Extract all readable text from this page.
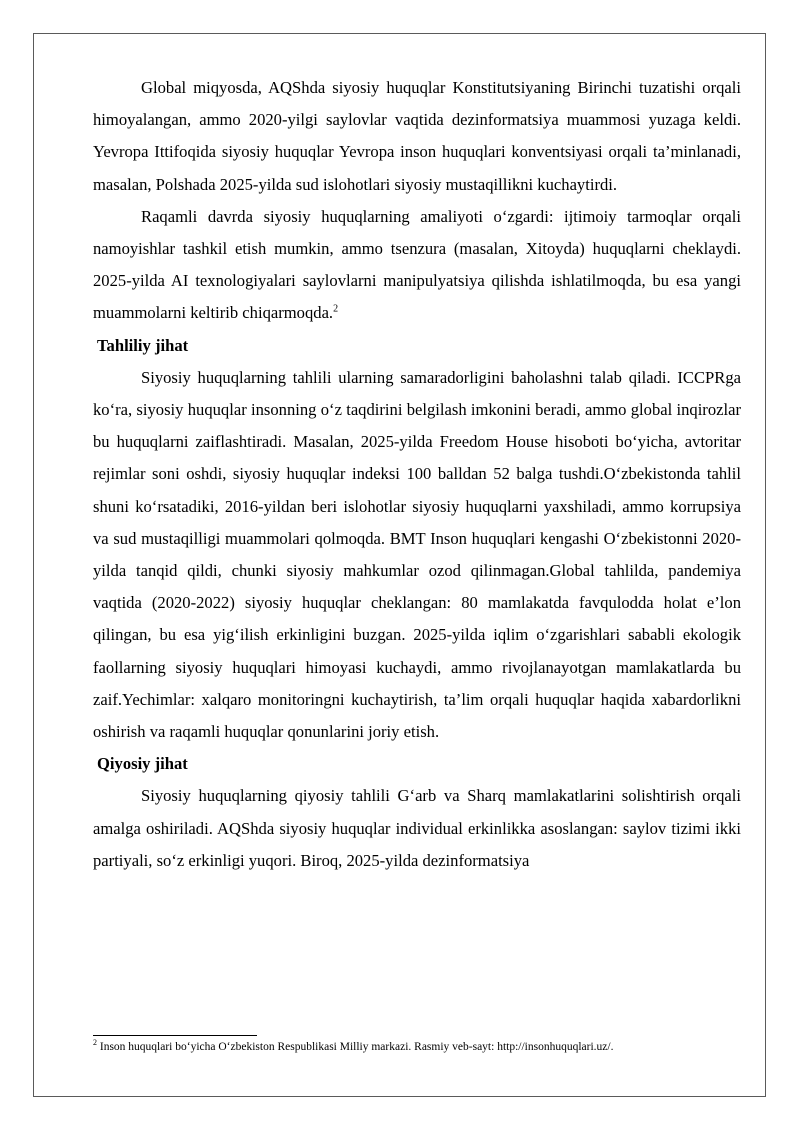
Global miqyosda, AQShda siyosiy huquqlar Konstitutsiyaning Birinchi tuzatishi orqali himoyalangan, ammo 2020-yilgi saylovlar vaqtida dezinformatsiya muammosi yuzaga keldi. Yevropa Ittifoqida siyosiy huquqlar Yevropa inson huquqlari konventsiyasi orqali ta’minlanadi, masalan, Polshada 2025-yilda sud islohotlari siyosiy mustaqillikni kuchaytirdi.

Raqamli davrda siyosiy huquqlarning amaliyoti o‘zgardi: ijtimoiy tarmoqlar orqali namoyishlar tashkil etish mumkin, ammo tsenzura (masalan, Xitoyda) huquqlarni cheklaydi. 2025-yilda AI texnologiyalari saylovlarni manipulyatsiya qilishda ishlatilmoqda, bu esa yangi muammolarni keltirib chiqarmoqda.$^2$

Tahliliy jihat

Siyosiy huquqlarning tahlili ularning samaradorligini baholashni talab qiladi. ICCPRga ko‘ra, siyosiy huquqlar insonning o‘z taqdirini belgilash imkonini beradi, ammo global inqirozlar bu huquqlarni zaiflashtiradi. Masalan, 2025-yilda Freedom House hisoboti bo‘yicha, avtoritar rejimlar soni oshdi, siyosiy huquqlar indeksi 100 balldan 52 balga tushdi.O‘zbekistonda tahlil shuni ko‘rsatadiki, 2016-yildan beri islohotlar siyosiy huquqlarni yaxshiladi, ammo korrupsiya va sud mustaqilligi muammolari qolmoqda. BMT Inson huquqlari kengashi O‘zbekistonni 2020-yilda tanqid qildi, chunki siyosiy mahkumlar ozod qilinmagan.Global tahlilda, pandemiya vaqtida (2020-2022) siyosiy huquqlar cheklangan: 80 mamlakatda favqulodda holat e’lon qilingan, bu esa yig‘ilish erkinligini buzgan. 2025-yilda iqlim o‘zgarishlari sababli ekologik faollarning siyosiy huquqlari himoyasi kuchaydi, ammo rivojlanayotgan mamlakatlarda bu zaif.Yechimlar: xalqaro monitoringni kuchaytirish, ta’lim orqali huquqlar haqida xabardorlikni oshirish va raqamli huquqlar qonunlarini joriy etish.

Qiyosiy jihat

Siyosiy huquqlarning qiyosiy tahlili G‘arb va Sharq mamlakatlarini solishtirish orqali amalga oshiriladi. AQShda siyosiy huquqlar individual erkinlikka asoslangan: saylov tizimi ikki partiyali, so‘z erkinligi yuqori. Biroq, 2025-yilda dezinformatsiya

$^2$ Inson huquqlari bo‘yicha O‘zbekiston Respublikasi Milliy markazi. Rasmiy veb-sayt: http://insonhuquqlari.uz/.
